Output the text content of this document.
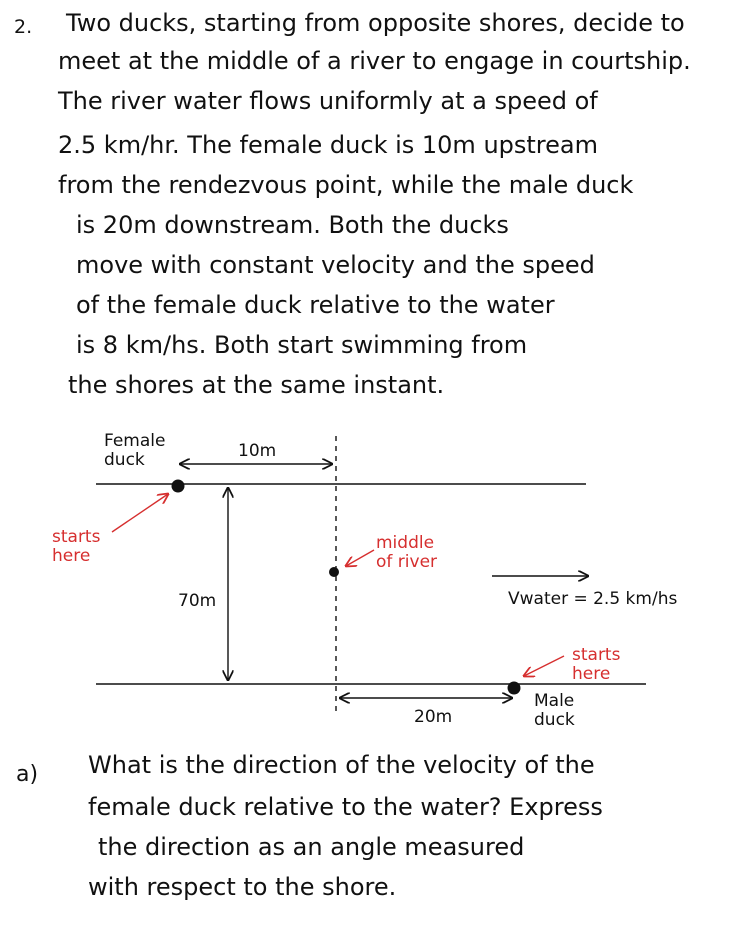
2. Two ducks, starting from opposite shores, decide to
meet at the middle of a river to engage in courtship.
The river water flows uniformly at a speed of
2.5 km/hr. The female duck is 10m upstream
from the rendezvous point, while the male duck
is 20m downstream. Both the ducks
move with constant velocity and the speed
of the female duck relative to the water
is 8 km/hs. Both start swimming from
the shores at the same instant.
Female
duck	10m
starts
here
middle
of river
70m	Vwater = 2.5 km/hs
starts
here
20m
Male
duck
a) What is the direction of the velocity of the
female duck relative to the water? Express
the direction as an angle measured
with respect to the shore.
